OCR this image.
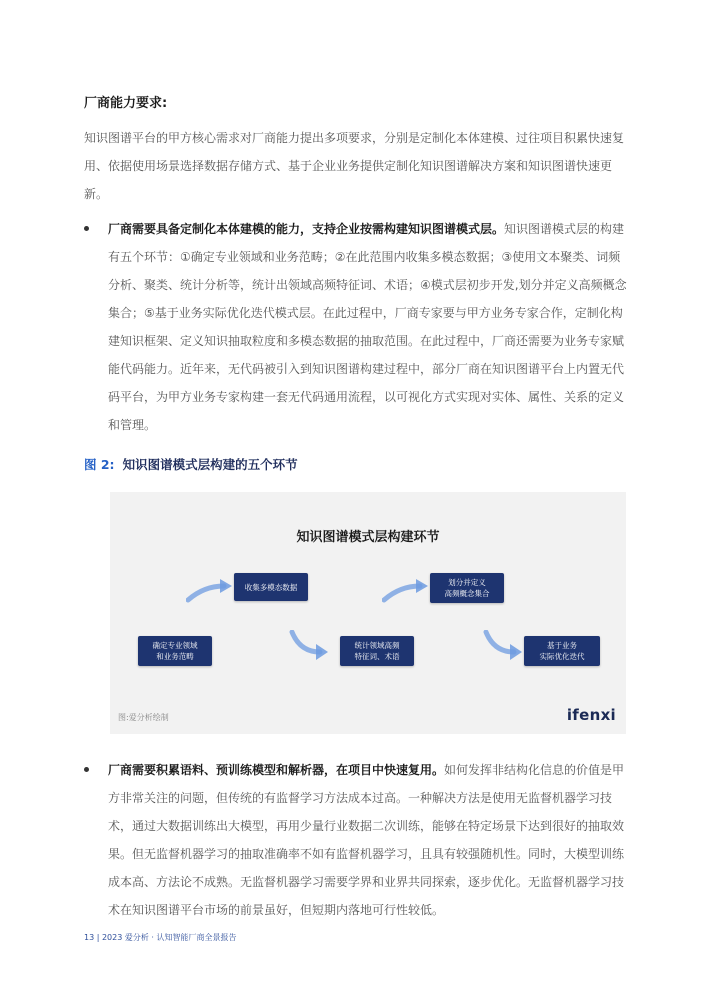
厂商能力要求:
知识图谱平台的甲方核心需求对厂商能力提出多项要求，分别是定制化本体建模、过往项目积累快速复用、依据使用场景选择数据存储方式、基于企业业务提供定制化知识图谱解决方案和知识图谱快速更新。
厂商需要具备定制化本体建模的能力，支持企业按需构建知识图谱模式层。知识图谱模式层的构建有五个环节：①确定专业领域和业务范畴；②在此范围内收集多模态数据；③使用文本聚类、词频分析、聚类、统计分析等，统计出领域高频特征词、术语；④模式层初步开发,划分并定义高频概念集合；⑤基于业务实际优化迭代模式层。在此过程中，厂商专家要与甲方业务专家合作，定制化构建知识框架、定义知识抽取粒度和多模态数据的抽取范围。在此过程中，厂商还需要为业务专家赋能代码能力。近年来，无代码被引入到知识图谱构建过程中，部分厂商在知识图谱平台上内置无代码平台，为甲方业务专家构建一套无代码通用流程，以可视化方式实现对实体、属性、关系的定义和管理。
图 2: 知识图谱模式层构建的五个环节
知识图谱模式层构建环节
确定专业领域
和业务范畴
收集多模态数据
统计领域高频
特征词、术语
划分并定义
高频概念集合
基于业务
实际优化迭代
图:爱分析绘制	ifenxi
厂商需要积累语料、预训练模型和解析器，在项目中快速复用。如何发挥非结构化信息的价值是甲方非常关注的问题，但传统的有监督学习方法成本过高。一种解决方法是使用无监督机器学习技术，通过大数据训练出大模型，再用少量行业数据二次训练，能够在特定场景下达到很好的抽取效果。但无监督机器学习的抽取准确率不如有监督机器学习，且具有较强随机性。同时，大模型训练成本高、方法论不成熟。无监督机器学习需要学界和业界共同探索，逐步优化。无监督机器学习技术在知识图谱平台市场的前景虽好，但短期内落地可行性较低。
13 | 2023 爱分析 · 认知智能厂商全景报告
